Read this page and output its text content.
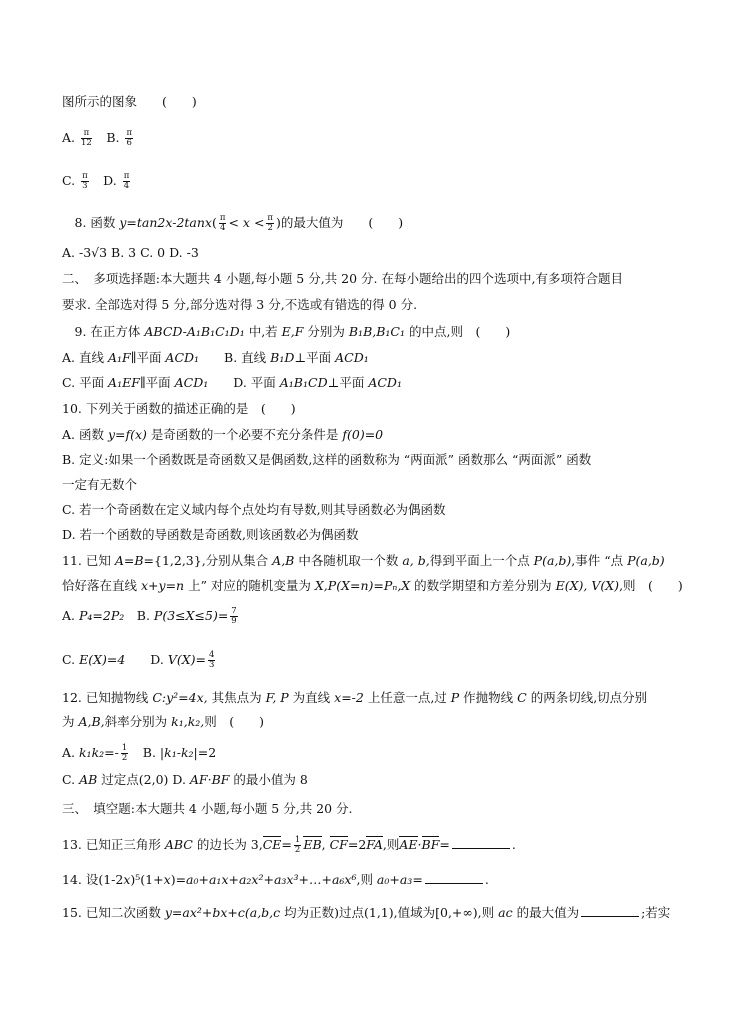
图所示的图象　　(　　)
A. $\frac{\pi}{12}$ 　B. $\frac{\pi}{6}$
C. $\frac{\pi}{3}$ 　D. $\frac{\pi}{4}$
　8. 函数 $y=\tan 2x-2\tan x( \frac{\pi}{4} < x < \frac{\pi}{2}$ )的最大值为　　(　　)
A. -3√3 B. 3 C. 0 D. -3
二、　多项选择题:本大题共 4 小题,每小题 5 分,共 20 分. 在每小题给出的四个选项中,有多项符合题目
要求. 全部选对得 5 分,部分选对得 3 分,不选或有错选的得 0 分.
　9. 在正方体 ABCD-A₁B₁C₁D₁ 中,若 E,F 分别为 B₁B,B₁C₁ 的中点,则　(　　)
A. 直线 A₁F∥平面 ACD₁　　B. 直线 B₁D⊥平面 ACD₁
C. 平面 A₁EF∥平面 ACD₁　　D. 平面 A₁B₁CD⊥平面 ACD₁
10. 下列关于函数的描述正确的是　(　　)
A. 函数 y=f(x) 是奇函数的一个必要不充分条件是 f(0)=0
B. 定义:如果一个函数既是奇函数又是偶函数,这样的函数称为 “两面派” 函数那么 “两面派” 函数
一定有无数个
C. 若一个奇函数在定义域内每个点处均有导数,则其导函数必为偶函数
D. 若一个函数的导函数是奇函数,则该函数必为偶函数
11. 已知 A=B={1,2,3},分别从集合 A,B 中各随机取一个数 a, b,得到平面上一个点 P(a,b),事件 “点 P(a,b)
恰好落在直线 x+y=n 上” 对应的随机变量为 X,P(X=n)=Pₙ,X 的数学期望和方差分别为 E(X), V(X),则　(　　)
A. P₄=2P₂　B. $P(3\le X\le 5)= \frac{7}{9}$
C. E(X)=4　　D. $V(X)= \frac{4}{3}$
12. 已知抛物线 C:y²=4x, 其焦点为 F, P 为直线 x=-2 上任意一点,过 P 作抛物线 C 的两条切线,切点分别
为 A,B,斜率分别为 k₁,k₂,则　(　　)
A. $k_1k_2=- \frac{1}{2}$ 　B. |k₁-k₂|=2
C. AB 过定点(2,0) D. AF·BF 的最小值为 8
三、　填空题:本大题共 4 小题,每小题 5 分,共 20 分.
13. 已知正三角形 ABC 的边长为 $3,CE= \frac{1}{2}$ EB, CF=2FA,则AE·BF=	.
14. 设(1-2x)⁵(1+x)=a₀+a₁x+a₂x²+a₃x³+…+a₆x⁶,则 a₀+a₃=	.
15. 已知二次函数 y=ax²+bx+c(a,b,c 均为正数)过点(1,1),值域为[0,+∞),则 ac 的最大值为	;若实
